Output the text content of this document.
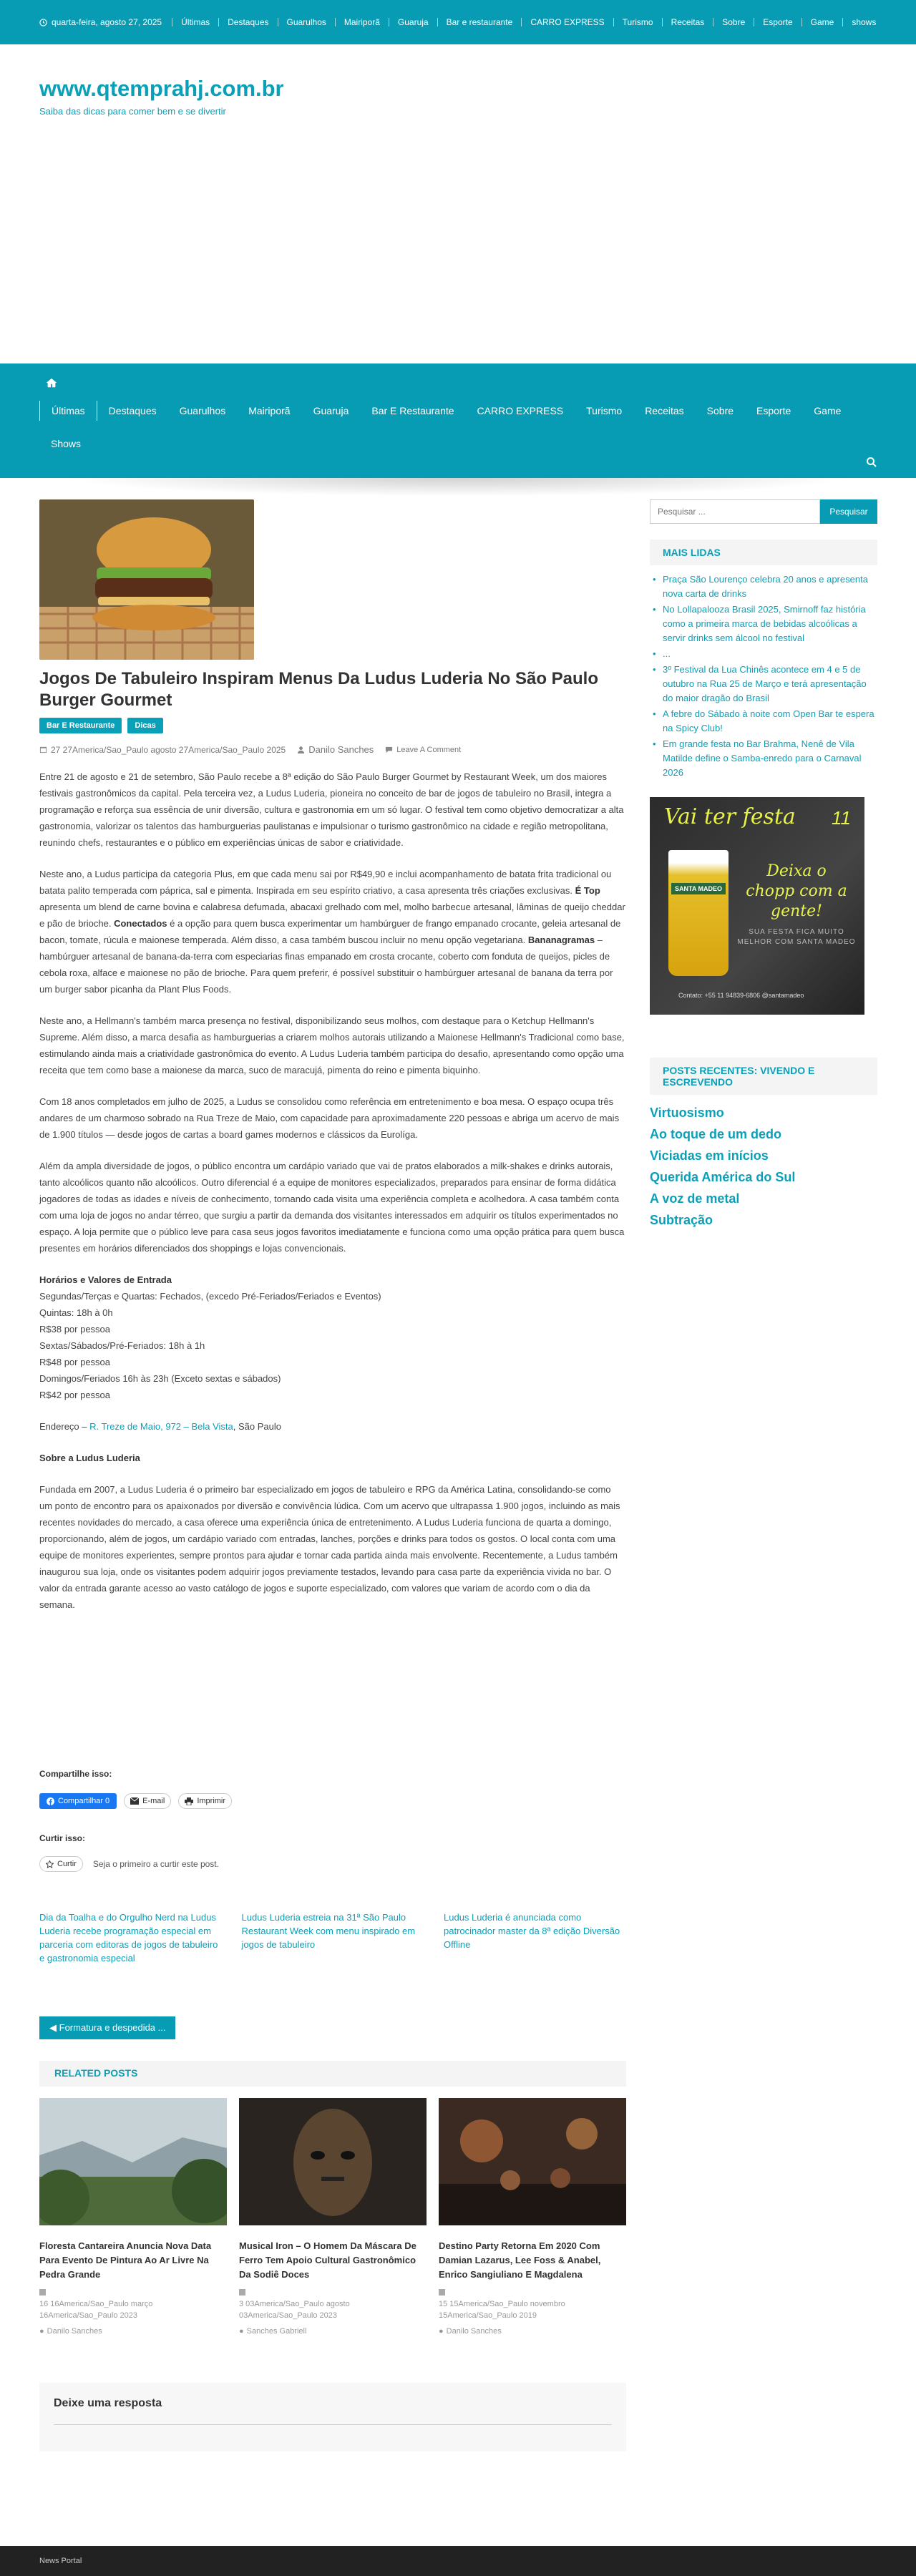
quarta-feira, agosto 27, 2025	Últimas	Destaques	Guarulhos	Mairiporã	Guaruja	Bar e restaurante	CARRO EXPRESS	Turismo	Receitas	Sobre	Esporte	Game	shows
www.qtemprahj.com.br
Saiba das dicas para comer bem e se divertir
Últimas	Destaques	Guarulhos	Mairiporã	Guaruja	Bar E Restaurante	CARRO EXPRESS	Turismo	Receitas	Sobre	Esporte	Game
Shows
Jogos De Tabuleiro Inspiram Menus Da Ludus Luderia No São Paulo Burger Gourmet
Bar E Restaurante	Dicas
27 27America/Sao_Paulo agosto 27America/Sao_Paulo 2025 Danilo Sanches	Leave A Comment

Entre 21 de agosto e 21 de setembro, São Paulo recebe a 8ª edição do São Paulo Burger Gourmet by Restaurant Week, um dos maiores festivais gastronômicos da capital. Pela terceira vez, a Ludus Luderia, pioneira no conceito de bar de jogos de tabuleiro no Brasil, integra a programação e reforça sua essência de unir diversão, cultura e gastronomia em um só lugar. O festival tem como objetivo democratizar a alta gastronomia, valorizar os talentos das hamburguerias paulistanas e impulsionar o turismo gastronômico na cidade e região metropolitana, reunindo chefs, restaurantes e o público em experiências únicas de sabor e criatividade.

Neste ano, a Ludus participa da categoria Plus, em que cada menu sai por R$49,90 e inclui acompanhamento de batata frita tradicional ou batata palito temperada com páprica, sal e pimenta. Inspirada em seu espírito criativo, a casa apresenta três criações exclusivas. É Top apresenta um blend de carne bovina e calabresa defumada, abacaxi grelhado com mel, molho barbecue artesanal, lâminas de queijo cheddar e pão de brioche. Conectados é a opção para quem busca experimentar um hambúrguer de frango empanado crocante, geleia artesanal de bacon, tomate, rúcula e maionese temperada. Além disso, a casa também buscou incluir no menu opção vegetariana. Bananagramas –hambúrguer artesanal de banana-da-terra com especiarias finas empanado em crosta crocante, coberto com fonduta de queijos, picles de cebola roxa, alface e maionese no pão de brioche. Para quem preferir, é possível substituir o hambúrguer artesanal de banana da terra por um burger sabor picanha da Plant Plus Foods.

Neste ano, a Hellmann's também marca presença no festival, disponibilizando seus molhos, com destaque para o Ketchup Hellmann's Supreme. Além disso, a marca desafia as hamburguerias a criarem molhos autorais utilizando a Maionese Hellmann's Tradicional como base, estimulando ainda mais a criatividade gastronômica do evento. A Ludus Luderia também participa do desafio, apresentando como opção uma receita que tem como base a maionese da marca, suco de maracujá, pimenta do reino e pimenta biquinho.

Com 18 anos completados em julho de 2025, a Ludus se consolidou como referência em entretenimento e boa mesa. O espaço ocupa três andares de um charmoso sobrado na Rua Treze de Maio, com capacidade para aproximadamente 220 pessoas e abriga um acervo de mais de 1.900 títulos — desde jogos de cartas a board games modernos e clássicos da Eurolíga.

Além da ampla diversidade de jogos, o público encontra um cardápio variado que vai de pratos elaborados a milk-shakes e drinks autorais, tanto alcoólicos quanto não alcoólicos. Outro diferencial é a equipe de monitores especializados, preparados para ensinar de forma didática jogadores de todas as idades e níveis de conhecimento, tornando cada visita uma experiência completa e acolhedora. A casa também conta com uma loja de jogos no andar térreo, que surgiu a partir da demanda dos visitantes interessados em adquirir os títulos experimentados no espaço. A loja permite que o público leve para casa seus jogos favoritos imediatamente e funciona como uma opção prática para quem busca presentes em horários diferenciados dos shoppings e lojas convencionais.

Horários e Valores de Entrada
Segundas/Terças e Quartas: Fechados, (excedo Pré-Feriados/Feriados e Eventos)
Quintas: 18h à 0h
R$38 por pessoa
Sextas/Sábados/Pré-Feriados: 18h à 1h
R$48 por pessoa
Domingos/Feriados 16h às 23h (Exceto sextas e sábados)
R$42 por pessoa

Endereço – R. Treze de Maio, 972 – Bela Vista, São Paulo

Sobre a Ludus Luderia

Fundada em 2007, a Ludus Luderia é o primeiro bar especializado em jogos de tabuleiro e RPG da América Latina, consolidando-se como um ponto de encontro para os apaixonados por diversão e convivência lúdica. Com um acervo que ultrapassa 1.900 jogos, incluindo as mais recentes novidades do mercado, a casa oferece uma experiência única de entretenimento. A Ludus Luderia funciona de quarta a domingo, proporcionando, além de jogos, um cardápio variado com entradas, lanches, porções e drinks para todos os gostos. O local conta com uma equipe de monitores experientes, sempre prontos para ajudar e tornar cada partida ainda mais envolvente. Recentemente, a Ludus também inaugurou sua loja, onde os visitantes podem adquirir jogos previamente testados, levando para casa parte da experiência vivida no bar. O valor da entrada garante acesso ao vasto catálogo de jogos e suporte especializado, com valores que variam de acordo com o dia da semana.

Compartilhe isso:
Compartilhar 0	E-mail	Imprimir
Curtir isso:
Curtir Seja o primeiro a curtir este post.
Dia da Toalha e do Orgulho Nerd na Ludus Luderia recebe programação especial em parceria com editoras de jogos de tabuleiro e gastronomia especial
Ludus Luderia estreia na 31ª São Paulo Restaurant Week com menu inspirado em jogos de tabuleiro
Ludus Luderia é anunciada como patrocinador master da 8ª edição Diversão Offline
◀ Formatura e despedida ...
RELATED POSTS
Floresta Cantareira Anuncia Nova Data Para Evento De Pintura Ao Ar Livre Na Pedra Grande
16 16America/Sao_Paulo março 16America/Sao_Paulo 2023
● Danilo Sanches
Musical Iron – O Homem Da Máscara De Ferro Tem Apoio Cultural Gastronômico Da Sodiê Doces
3 03America/Sao_Paulo agosto 03America/Sao_Paulo 2023
● Sanches Gabriell
Destino Party Retorna Em 2020 Com Damian Lazarus, Lee Foss & Anabel, Enrico Sangiuliano E Magdalena
15 15America/Sao_Paulo novembro 15America/Sao_Paulo 2019
● Danilo Sanches
Deixe uma resposta
News Portal
Pesquisar ...
Pesquisar
MAIS LIDAS
• Praça São Lourenço celebra 20 anos e apresenta nova carta de drinks
• No Lollapalooza Brasil 2025, Smirnoff faz história como a primeira marca de bebidas alcoólicas a servir drinks sem álcool no festival
• ...
• 3º Festival da Lua Chinês acontece em 4 e 5 de outubro na Rua 25 de Março e terá apresentação do maior dragão do Brasil
• A febre do Sábado à noite com Open Bar te espera na Spicy Club!
• Em grande festa no Bar Brahma, Nenê de Vila Matilde define o Samba-enredo para o Carnaval 2026
Vai ter festa 11
SANTA MADEO
Deixa o chopp com a gente!
SUA FESTA FICA MUITO MELHOR COM SANTA MADEO
Contato: +55 11 94839-6806 @santamadeo
POSTS RECENTES: VIVENDO E ESCREVENDO
Virtuosismo
Ao toque de um dedo
Viciadas em inícios
Querida América do Sul
A voz de metal
Subtração
